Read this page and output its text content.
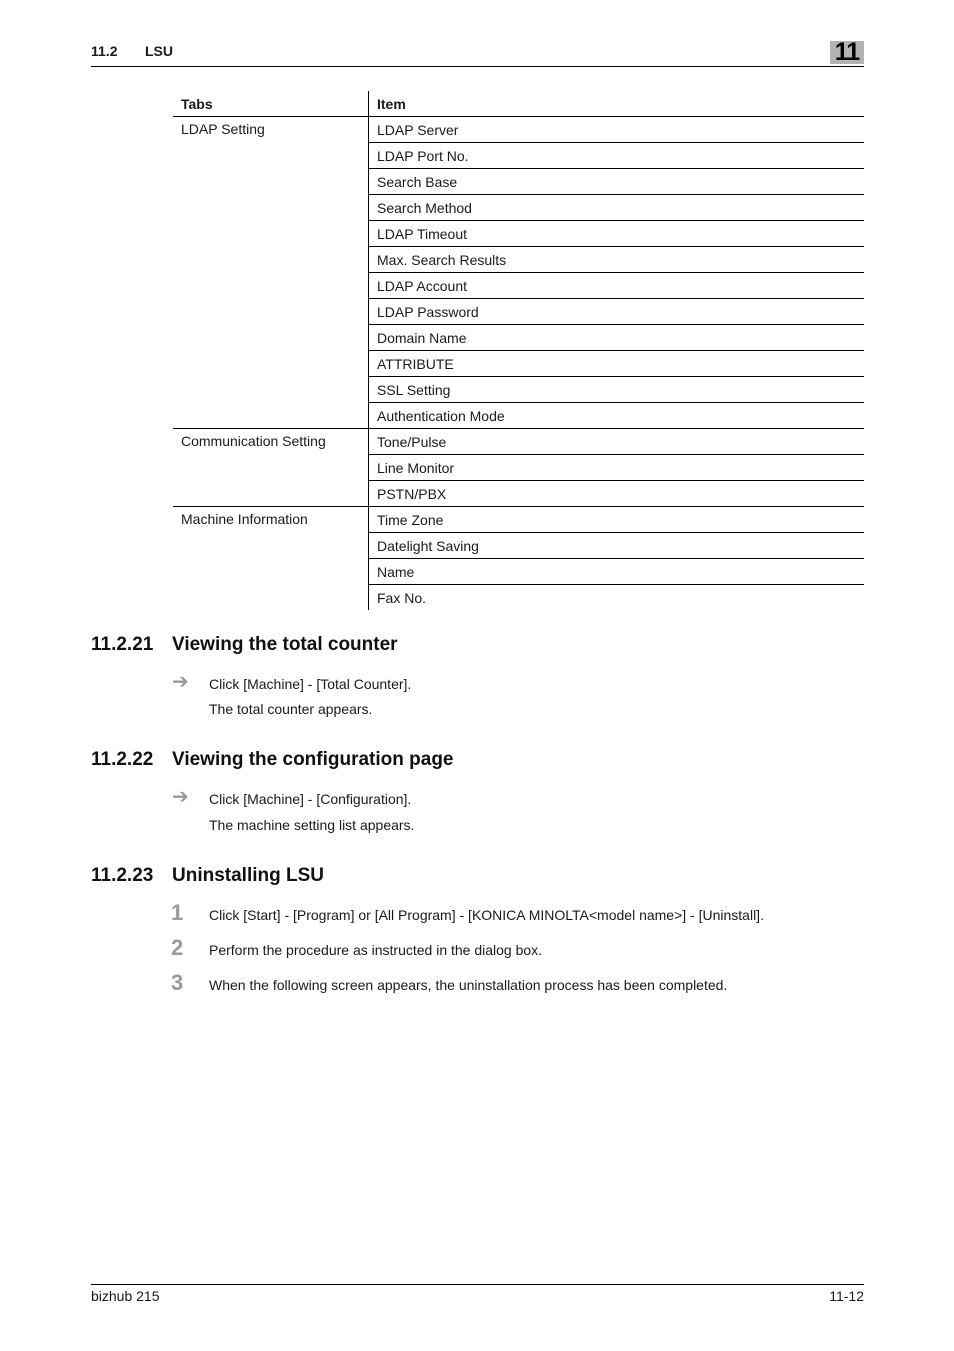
11.2 LSU	11
Tabs	Item
LDAP Setting	LDAP Server
	LDAP Port No.
	Search Base
	Search Method
	LDAP Timeout
	Max. Search Results
	LDAP Account
	LDAP Password
	Domain Name
	ATTRIBUTE
	SSL Setting
	Authentication Mode
Communication Setting	Tone/Pulse
	Line Monitor
	PSTN/PBX
Machine Information	Time Zone
	Datelight Saving
	Name
	Fax No.
11.2.21 Viewing the total counter
➔ Click [Machine] - [Total Counter].
The total counter appears.
11.2.22 Viewing the configuration page
➔ Click [Machine] - [Configuration].
The machine setting list appears.
11.2.23 Uninstalling LSU
1 Click [Start] - [Program] or [All Program] - [KONICA MINOLTA<model name>] - [Uninstall].
2 Perform the procedure as instructed in the dialog box.
3 When the following screen appears, the uninstallation process has been completed.
bizhub 215	11-12
